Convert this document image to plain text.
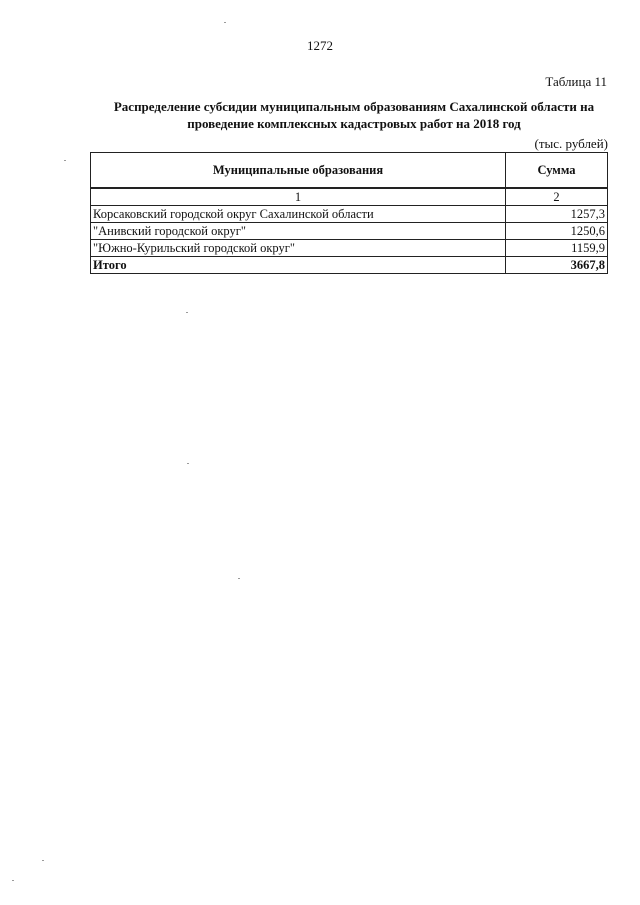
1272
Таблица 11
Распределение субсидии муниципальным образованиям Сахалинской области на
проведение комплексных кадастровых работ на 2018 год
(тыс. рублей)
Муниципальные образования	Сумма
1	2
Корсаковский городской округ Сахалинской области	1257,3
"Анивский городской округ"	1250,6
"Южно-Курильский городской округ"	1159,9
Итого	3667,8
